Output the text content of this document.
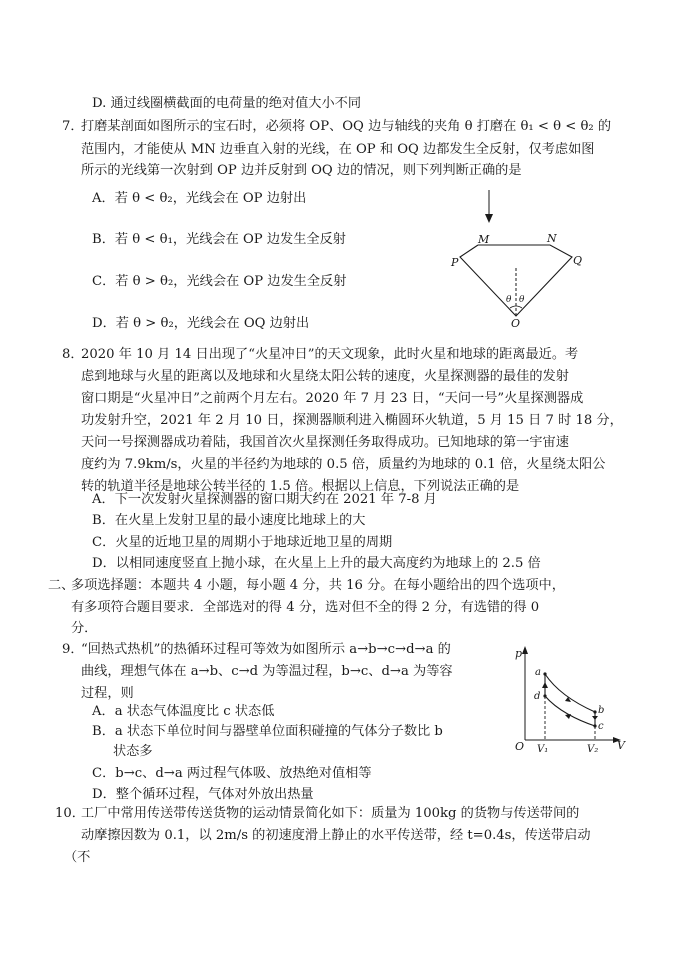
D. 通过线圈横截面的电荷量的绝对值大小不同
7．
打磨某剖面如图所示的宝石时，必须将 OP、OQ 边与轴线的夹角 θ 打磨在 θ₁ < θ < θ₂ 的
范围内，才能使从 MN 边垂直入射的光线，在 OP 和 OQ 边都发生全反射，仅考虑如图
所示的光线第一次射到 OP 边并反射到 OQ 边的情况，则下列判断正确的是
A．若 θ < θ₂，光线会在 OP 边射出
B．若 θ < θ₁，光线会在 OP 边发生全反射
C．若 θ > θ₂，光线会在 OP 边发生全反射
D．若 θ > θ₂，光线会在 OQ 边射出
M	N
P	Q
O
θ θ
8．
2020 年 10 月 14 日出现了“火星冲日”的天文现象，此时火星和地球的距离最近。考
虑到地球与火星的距离以及地球和火星绕太阳公转的速度，火星探测器的最佳的发射
窗口期是“火星冲日”之前两个月左右。2020 年 7 月 23 日，“天问一号”火星探测器成
功发射升空，2021 年 2 月 10 日，探测器顺利进入椭圆环火轨道，5 月 15 日 7 时 18 分，
天问一号探测器成功着陆，我国首次火星探测任务取得成功。已知地球的第一宇宙速
度约为 7.9km/s，火星的半径约为地球的 0.5 倍，质量约为地球的 0.1 倍，火星绕太阳公
转的轨道半径是地球公转半径的 1.5 倍。根据以上信息，下列说法正确的是
A．下一次发射火星探测器的窗口期大约在 2021 年 7-8 月
B．在火星上发射卫星的最小速度比地球上的大
C．火星的近地卫星的周期小于地球近地卫星的周期
D．以相同速度竖直上抛小球，在火星上上升的最大高度约为地球上的 2.5 倍
二、
多项选择题：本题共 4 小题，每小题 4 分，共 16 分。在每小题给出的四个选项中，
有多项符合题目要求．全部选对的得 4 分，选对但不全的得 2 分，有选错的得 0
分．
9．
“回热式热机”的热循环过程可等效为如图所示 a→b→c→d→a 的
曲线，理想气体在 a→b、c→d 为等温过程，b→c、d→a 为等容
过程，则
A．a 状态气体温度比 c 状态低
B．a 状态下单位时间与器壁单位面积碰撞的气体分子数比 b
状态多
C．b→c、d→a 两过程气体吸、放热绝对值相等
D．整个循环过程，气体对外放出热量
p
V
O V₁	V₂
a
d
b
c
10．
工厂中常用传送带传送货物的运动情景简化如下：质量为 100kg 的货物与传送带间的
动摩擦因数为 0.1，以 2m/s 的初速度滑上静止的水平传送带，经 t=0.4s，传送带启动
（不
